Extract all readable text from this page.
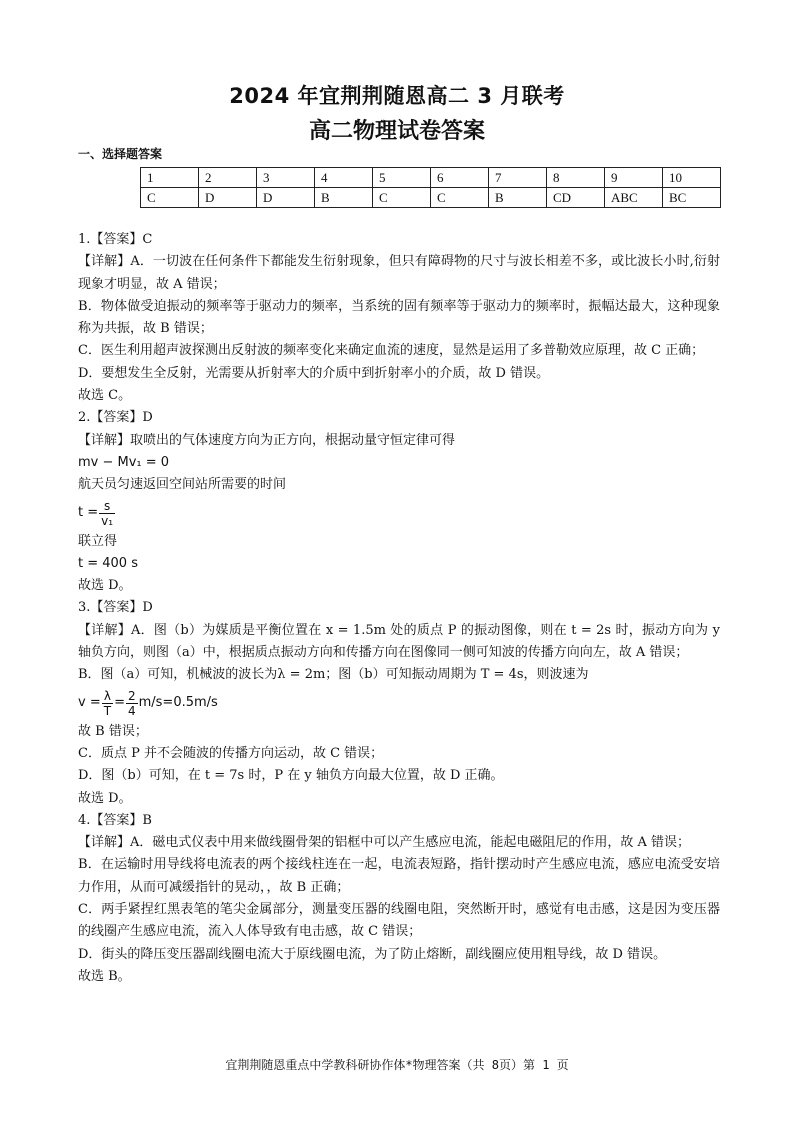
2024 年宜荆荆随恩高二 3 月联考
高二物理试卷答案
一、选择题答案
1	2	3	4	5	6	7	8	9	10
C	D	D	B	C	C	B	CD	ABC	BC

1.【答案】C

【详解】A．一切波在任何条件下都能发生衍射现象，但只有障碍物的尺寸与波长相差不多，或比波长小时,衍射现象才明显，故 A 错误；

B．物体做受迫振动的频率等于驱动力的频率，当系统的固有频率等于驱动力的频率时，振幅达最大，这种现象称为共振，故 B 错误；

C．医生利用超声波探测出反射波的频率变化来确定血流的速度，显然是运用了多普勒效应原理，故 C 正确；

D．要想发生全反射，光需要从折射率大的介质中到折射率小的介质，故 D 错误。

故选 C。

2.【答案】D

【详解】取喷出的气体速度方向为正方向，根据动量守恒定律可得

mv − Mv₁ = 0

航天员匀速返回空间站所需要的时间

$t = \frac{s}{\text{v₁}}$

联立得

t = 400 s

故选 D。

3.【答案】D

【详解】A．图（b）为媒质是平衡位置在 x = 1.5m 处的质点 P 的振动图像，则在 t = 2s 时，振动方向为 y 轴负方向，则图（a）中，根据质点振动方向和传播方向在图像同一侧可知波的传播方向向左，故 A 错误；

B．图（a）可知，机械波的波长为λ = 2m；图（b）可知振动周期为 T = 4s，则波速为

$v = \frac{\lambda}{T} = \frac{2}{4} m/s=0.5m/s$

故 B 错误；

C．质点 P 并不会随波的传播方向运动，故 C 错误；

D．图（b）可知，在 t = 7s 时，P 在 y 轴负方向最大位置，故 D 正确。

故选 D。

4.【答案】B

【详解】A．磁电式仪表中用来做线圈骨架的铝框中可以产生感应电流，能起电磁阻尼的作用，故 A 错误；

B．在运输时用导线将电流表的两个接线柱连在一起，电流表短路，指针摆动时产生感应电流，感应电流受安培力作用，从而可减缓指针的晃动，，故 B 正确；

C．两手紧捏红黑表笔的笔尖金属部分，测量变压器的线圈电阻，突然断开时，感觉有电击感，这是因为变压器的线圈产生感应电流，流入人体导致有电击感，故 C 错误；

D．街头的降压变压器副线圈电流大于原线圈电流，为了防止熔断，副线圈应使用粗导线，故 D 错误。

故选 B。

宜荆荆随恩重点中学教科研协作体*物理答案（共 8页）第 1 页
